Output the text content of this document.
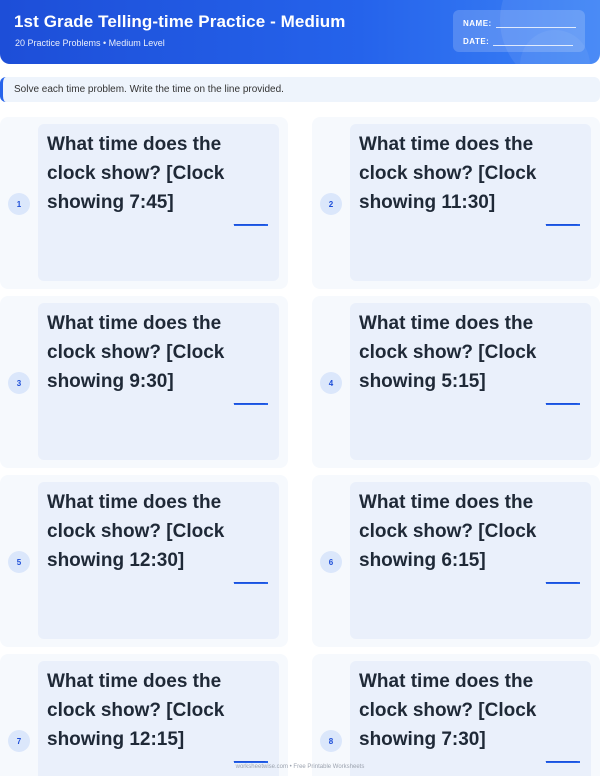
1st Grade Telling-time Practice - Medium
20 Practice Problems • Medium Level
NAME:
DATE:
Solve each time problem. Write the time on the line provided.
1
What time does the clock show? [Clock showing 7:45]
____
2
What time does the clock show? [Clock showing 11:30]
____
3
What time does the clock show? [Clock showing 9:30]
____
4
What time does the clock show? [Clock showing 5:15]
____
5
What time does the clock show? [Clock showing 12:30]
____
6
What time does the clock show? [Clock showing 6:15]
____
7
What time does the clock show? [Clock showing 12:15]
____
8
What time does the clock show? [Clock showing 7:30]
____
worksheetwise.com • Free Printable Worksheets
